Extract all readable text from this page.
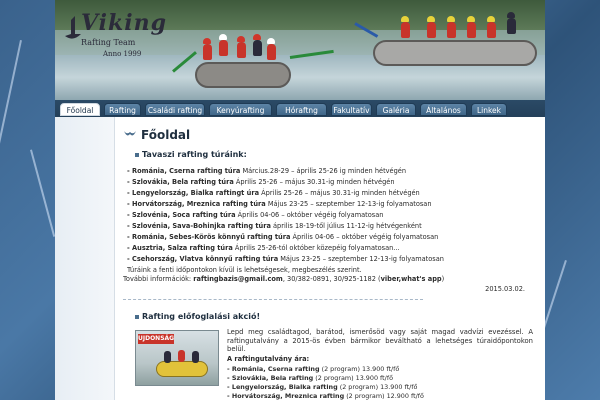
Viking
Rafting Team
Anno 1999
Főoldal	Rafting	Családi rafting	Kenyúrafting	Hóraftng	Fakultatív	Galéria	Általános	Linkek
Főoldal
Tavaszi rafting túráink:
- Románia, Cserna rafting túra Március.28-29 – április 25-26 ig minden hétvégén
- Szlovákia, Bela rafting túra Április 25-26 – május 30.31-ig minden hétvégén
- Lengyelország, Bialka raftingt úra Április 25-26 – május 30.31-ig minden hétvégén
- Horvátország, Mreznica rafting túra Május 23-25 – szeptember 12-13-ig folyamatosan
- Szlovénia, Soca rafting túra Április 04-06 – október végéig folyamatosan
- Szlovénia, Sava-Bohinjka rafting túra április 18-19-től július 11-12-ig hétvégenként
- Románia, Sebes-Körös könnyű rafting túra Április 04-06 – október végéig folyamatosan
- Ausztria, Salza rafting túra Április 25-26-tól október közepéig folyamatosan...
- Csehország, Vlatva könnyű rafting túra Május 23-25 – szeptember 12-13-ig folyamatosan
Túráink a fenti időpontokon kívül is lehetségesek, megbeszélés szerint.
További információk: raftingbazis@gmail.com, 30/382-0891, 30/925-1182 (viber,what's app)
2015.03.02.
Rafting előfoglalási akció!
UJDONSÁG
Lepd meg családtagod, barátod, ismerősöd vagy saját magad vadvízi evezéssel. A raftingutalvány a 2015-ös évben bármikor beváltható a lehetséges túraidőpontokon belül.
A raftingutalvány ára:
- Románia, Cserna rafting (2 program) 13.900 ft/fő
- Szlovákia, Bela rafting (2 program) 13.900 ft/fő
- Lengyelország, Bialka rafting (2 program) 13.900 ft/fő
- Horvátország, Mreznica rafting (2 program) 12.900 ft/fő
